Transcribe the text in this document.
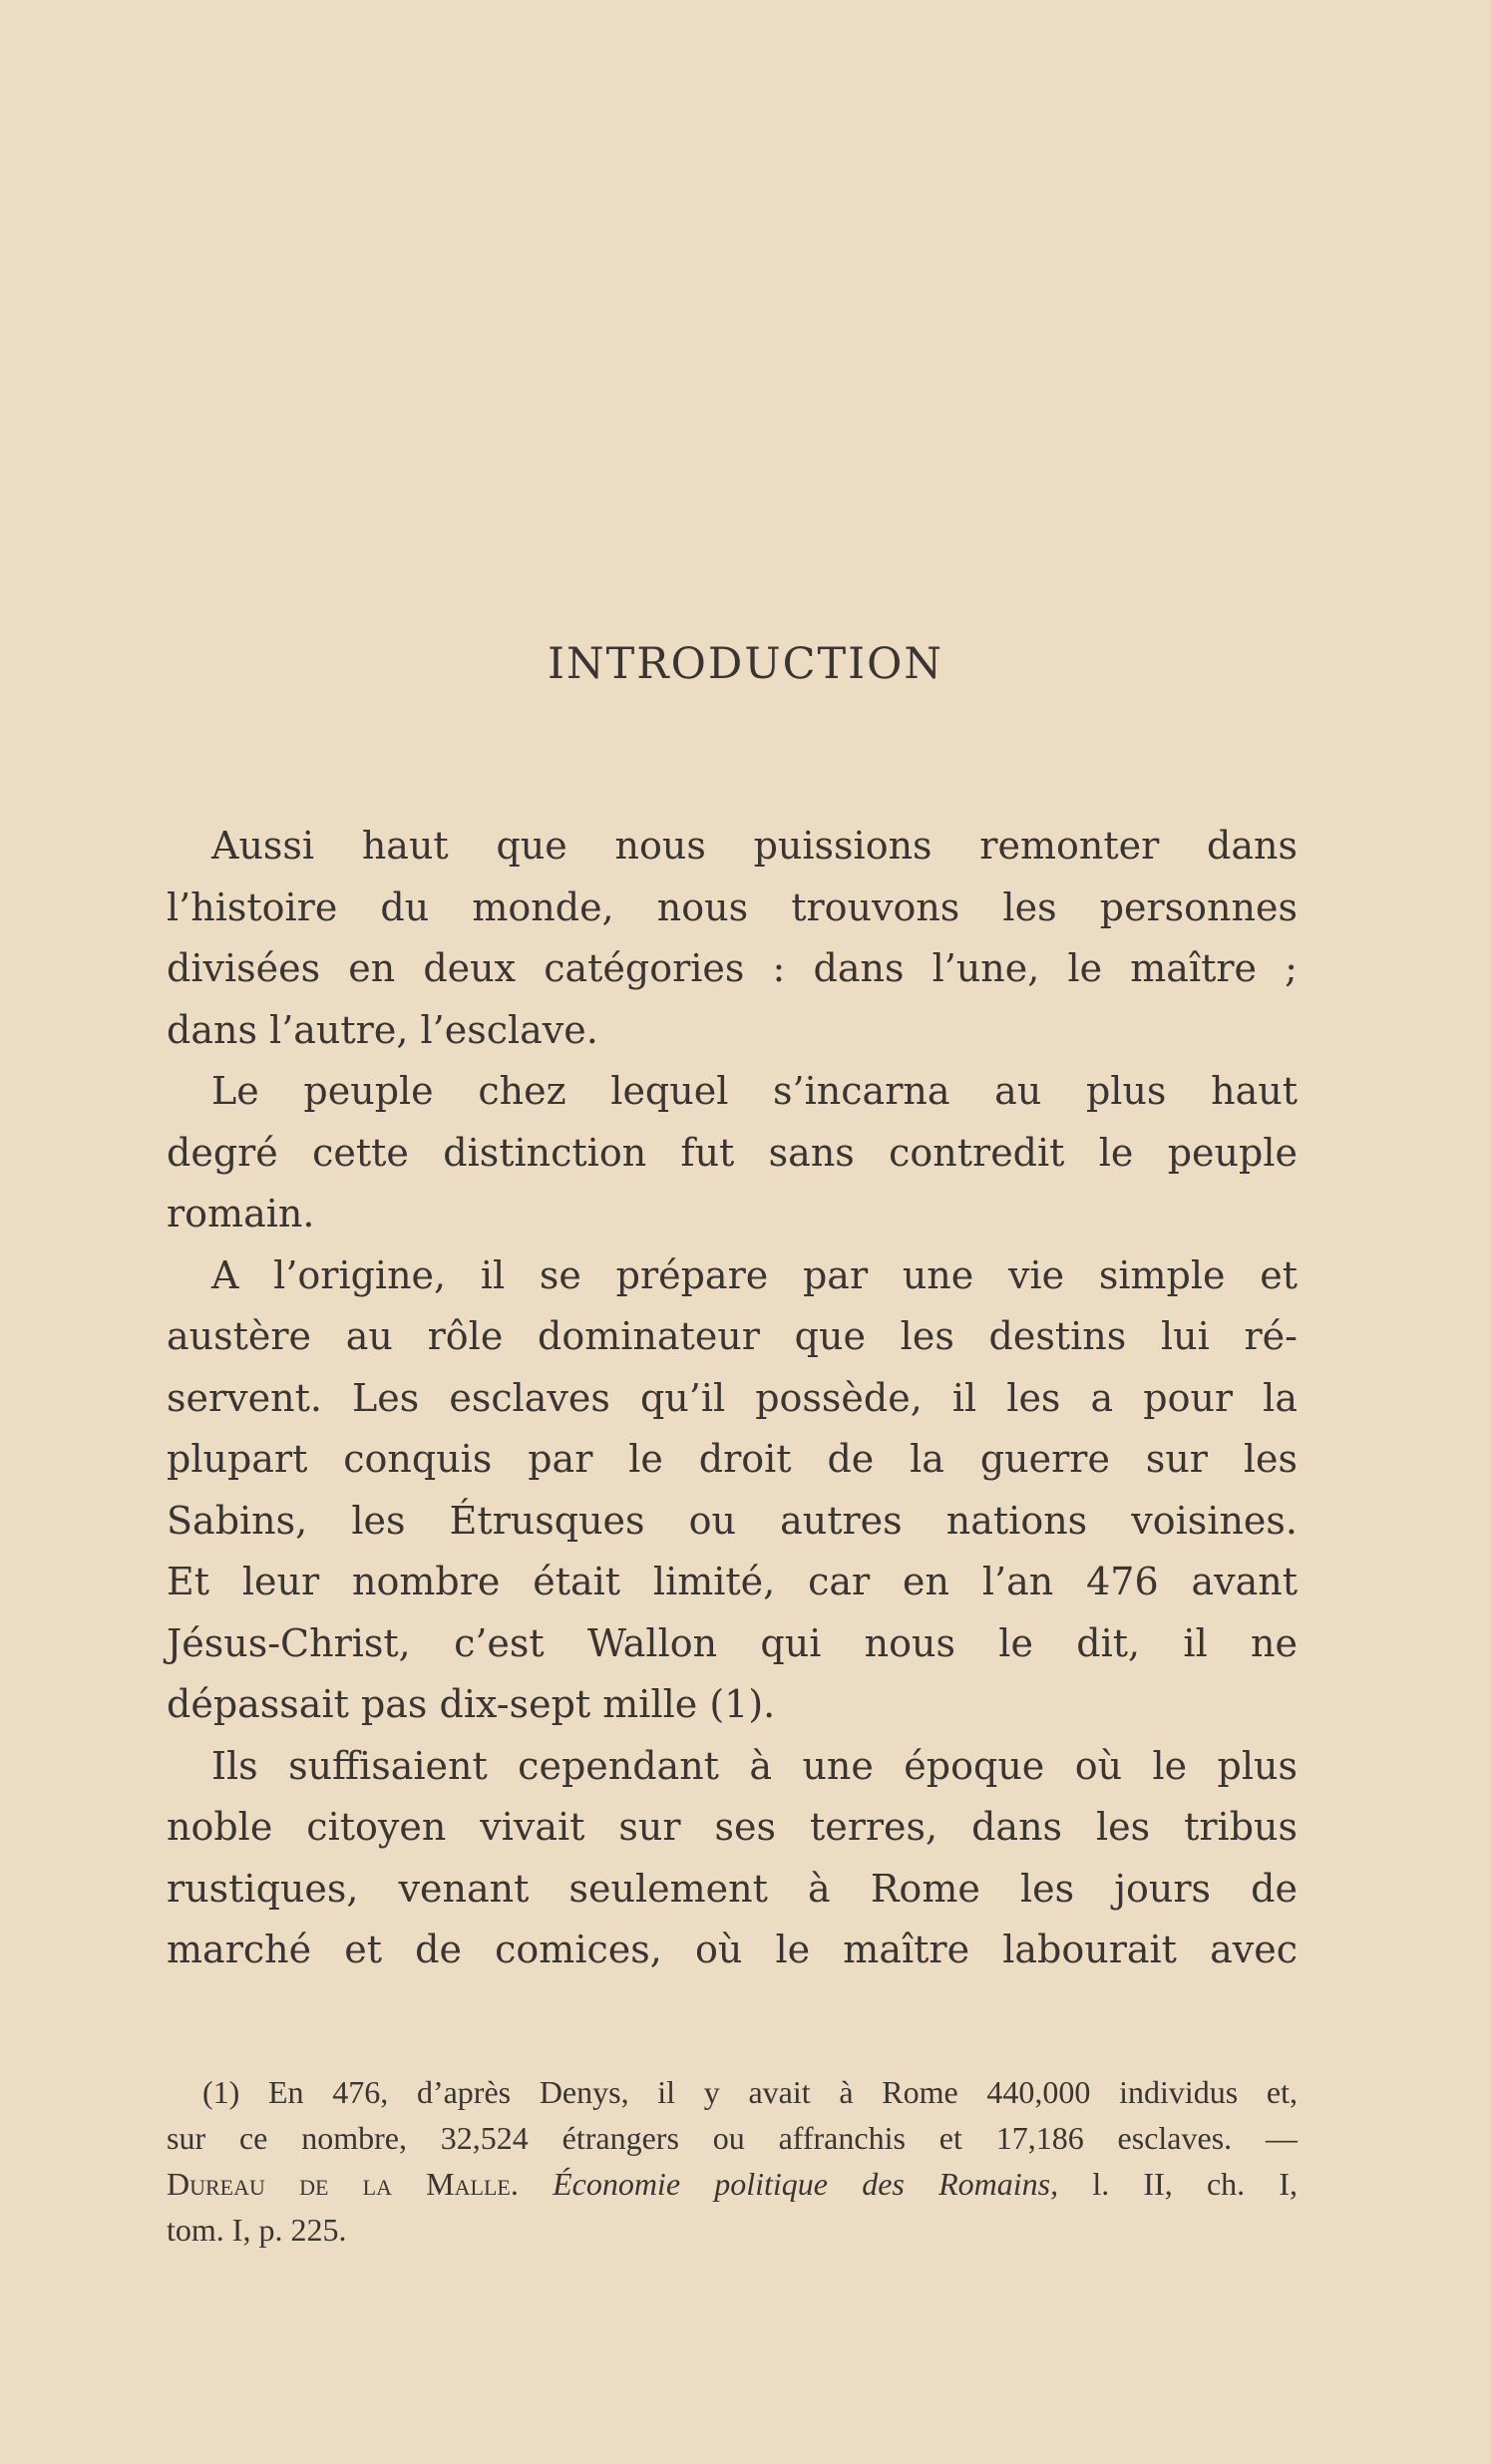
INTRODUCTION
Aussi haut que nous puissions remonter dans
l’histoire du monde, nous trouvons les personnes
divisées en deux catégories : dans l’une, le maître ;
dans l’autre, l’esclave.
Le peuple chez lequel s’incarna au plus haut
degré cette distinction fut sans contredit le peuple
romain.
A l’origine, il se prépare par une vie simple et
austère au rôle dominateur que les destins lui ré-
servent. Les esclaves qu’il possède, il les a pour la
plupart conquis par le droit de la guerre sur les
Sabins, les Étrusques ou autres nations voisines.
Et leur nombre était limité, car en l’an 476 avant
Jésus-Christ, c’est Wallon qui nous le dit, il ne
dépassait pas dix-sept mille (1).
Ils suffisaient cependant à une époque où le plus
noble citoyen vivait sur ses terres, dans les tribus
rustiques, venant seulement à Rome les jours de
marché et de comices, où le maître labourait avec
(1) En 476, d’après Denys, il y avait à Rome 440,000 individus et,
sur ce nombre, 32,524 étrangers ou affranchis et 17,186 esclaves. —
Dureau de la Malle. Économie politique des Romains, l. II, ch. I,
tom. I, p. 225.
